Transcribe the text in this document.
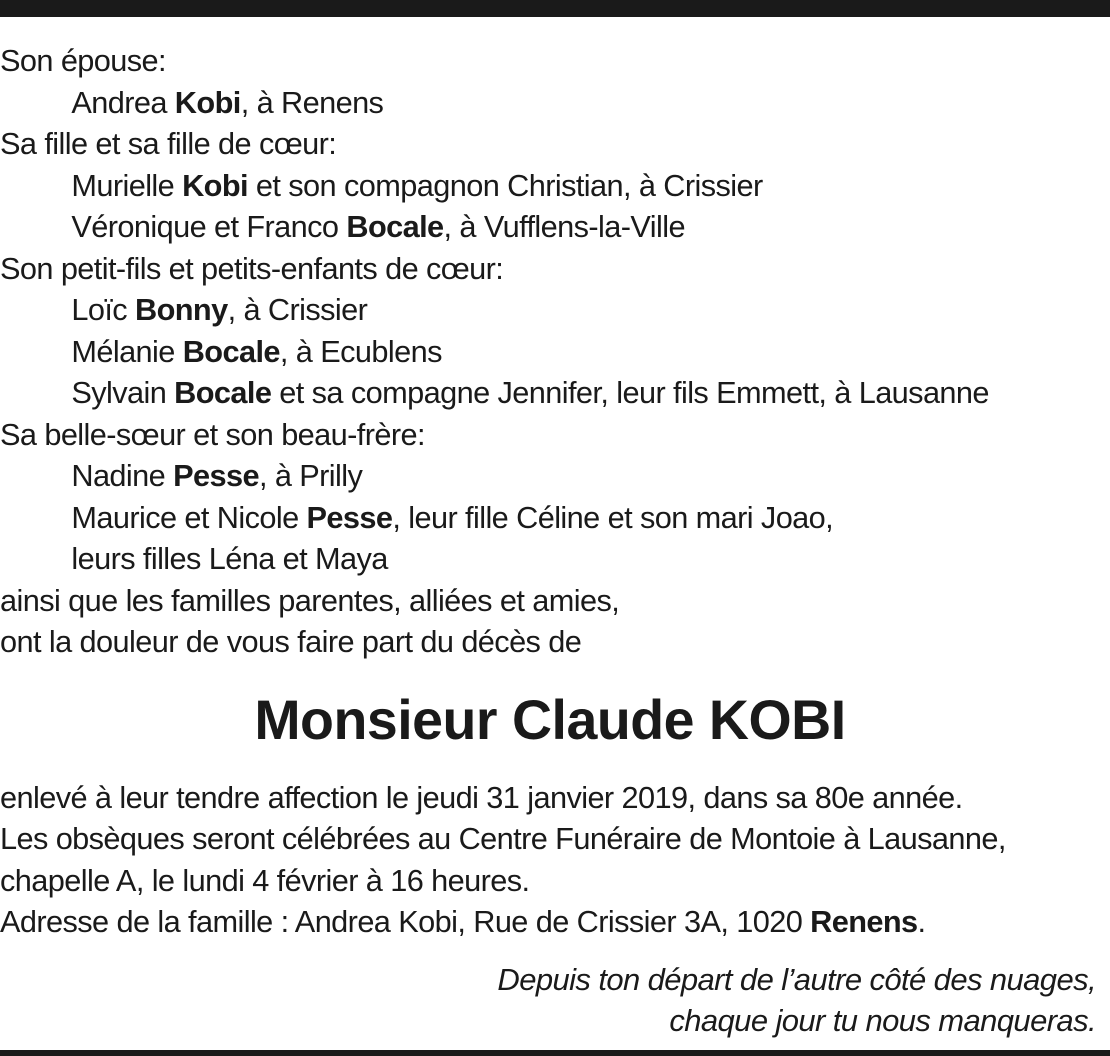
Son épouse:
Andrea Kobi, à Renens
Sa fille et sa fille de cœur:
Murielle Kobi et son compagnon Christian, à Crissier
Véronique et Franco Bocale, à Vufflens-la-Ville
Son petit-fils et petits-enfants de cœur:
Loïc Bonny, à Crissier
Mélanie Bocale, à Ecublens
Sylvain Bocale et sa compagne Jennifer, leur fils Emmett, à Lausanne
Sa belle-sœur et son beau-frère:
Nadine Pesse, à Prilly
Maurice et Nicole Pesse, leur fille Céline et son mari Joao,
leurs filles Léna et Maya
ainsi que les familles parentes, alliées et amies,
ont la douleur de vous faire part du décès de
Monsieur Claude KOBI
enlevé à leur tendre affection le jeudi 31 janvier 2019, dans sa 80e année.
Les obsèques seront célébrées au Centre Funéraire de Montoie à Lausanne,
chapelle A, le lundi 4 février à 16 heures.
Adresse de la famille : Andrea Kobi, Rue de Crissier 3A, 1020 Renens.
Depuis ton départ de l’autre côté des nuages,
chaque jour tu nous manqueras.
